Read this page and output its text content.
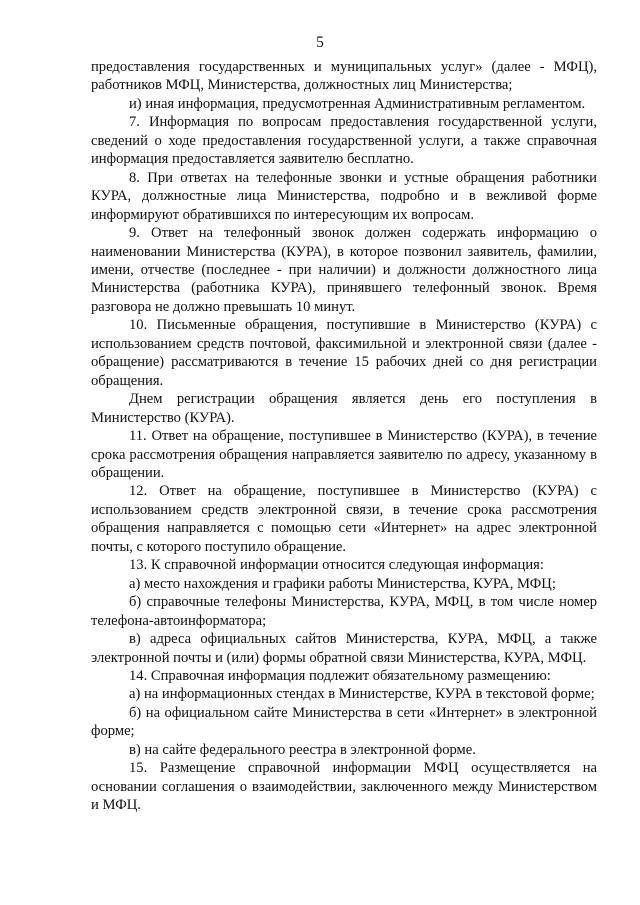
5

предоставления государственных и муниципальных услуг» (далее - МФЦ), работников МФЦ, Министерства, должностных лиц Министерства;

и) иная информация, предусмотренная Административным регламентом.

7. Информация по вопросам предоставления государственной услуги, сведений о ходе предоставления государственной услуги, а также справочная информация предоставляется заявителю бесплатно.

8. При ответах на телефонные звонки и устные обращения работники КУРА, должностные лица Министерства, подробно и в вежливой форме информируют обратившихся по интересующим их вопросам.

9. Ответ на телефонный звонок должен содержать информацию о наименовании Министерства (КУРА), в которое позвонил заявитель, фамилии, имени, отчестве (последнее - при наличии) и должности должностного лица Министерства (работника КУРА), принявшего телефонный звонок. Время разговора не должно превышать 10 минут.

10. Письменные обращения, поступившие в Министерство (КУРА) с использованием средств почтовой, факсимильной и электронной связи (далее - обращение) рассматриваются в течение 15 рабочих дней со дня регистрации обращения.

Днем регистрации обращения является день его поступления в Министерство (КУРА).

11. Ответ на обращение, поступившее в Министерство (КУРА), в течение срока рассмотрения обращения направляется заявителю по адресу, указанному в обращении.

12. Ответ на обращение, поступившее в Министерство (КУРА) с использованием средств электронной связи, в течение срока рассмотрения обращения направляется с помощью сети «Интернет» на адрес электронной почты, с которого поступило обращение.

13. К справочной информации относится следующая информация:

а) место нахождения и графики работы Министерства, КУРА, МФЦ;

б) справочные телефоны Министерства, КУРА, МФЦ, в том числе номер телефона-автоинформатора;

в) адреса официальных сайтов Министерства, КУРА, МФЦ, а также электронной почты и (или) формы обратной связи Министерства, КУРА, МФЦ.

14. Справочная информация подлежит обязательному размещению:

а) на информационных стендах в Министерстве, КУРА в текстовой форме;

б) на официальном сайте Министерства в сети «Интернет» в электронной форме;

в) на сайте федерального реестра в электронной форме.

15. Размещение справочной информации МФЦ осуществляется на основании соглашения о взаимодействии, заключенного между Министерством и МФЦ.
